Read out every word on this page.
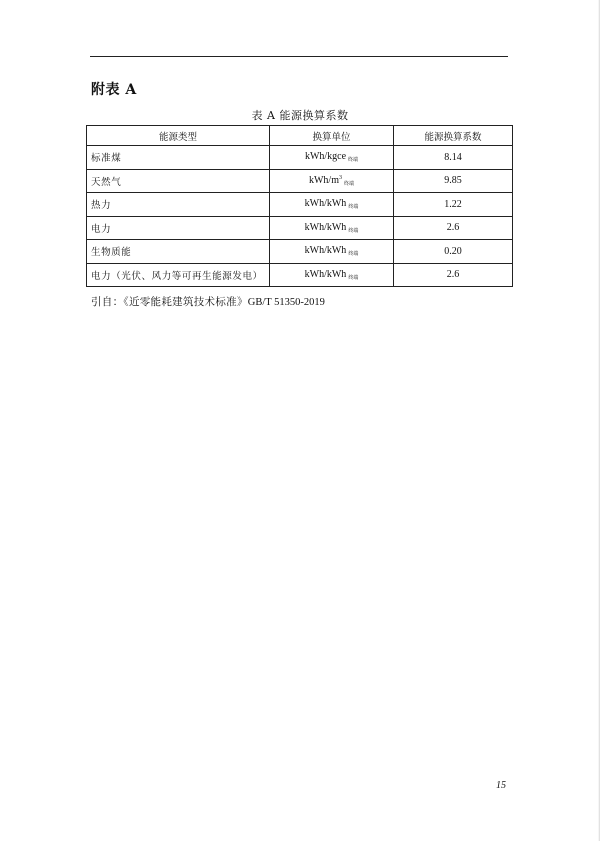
附表 A
表 A 能源换算系数
能源类型	换算单位	能源换算系数
标准煤	kWh/kgce $_{终端}$	8.14
天然气	kWh/$m^3_{终端}$	9.85
热力	kWh/kWh $_{终端}$	1.22
电力	kWh/kWh $_{终端}$	2.6
生物质能	kWh/kWh $_{终端}$	0.20
电力（光伏、风力等可再生能源发电）	kWh/kWh $_{终端}$	2.6
引自：《近零能耗建筑技术标准》GB/T 51350-2019
15
